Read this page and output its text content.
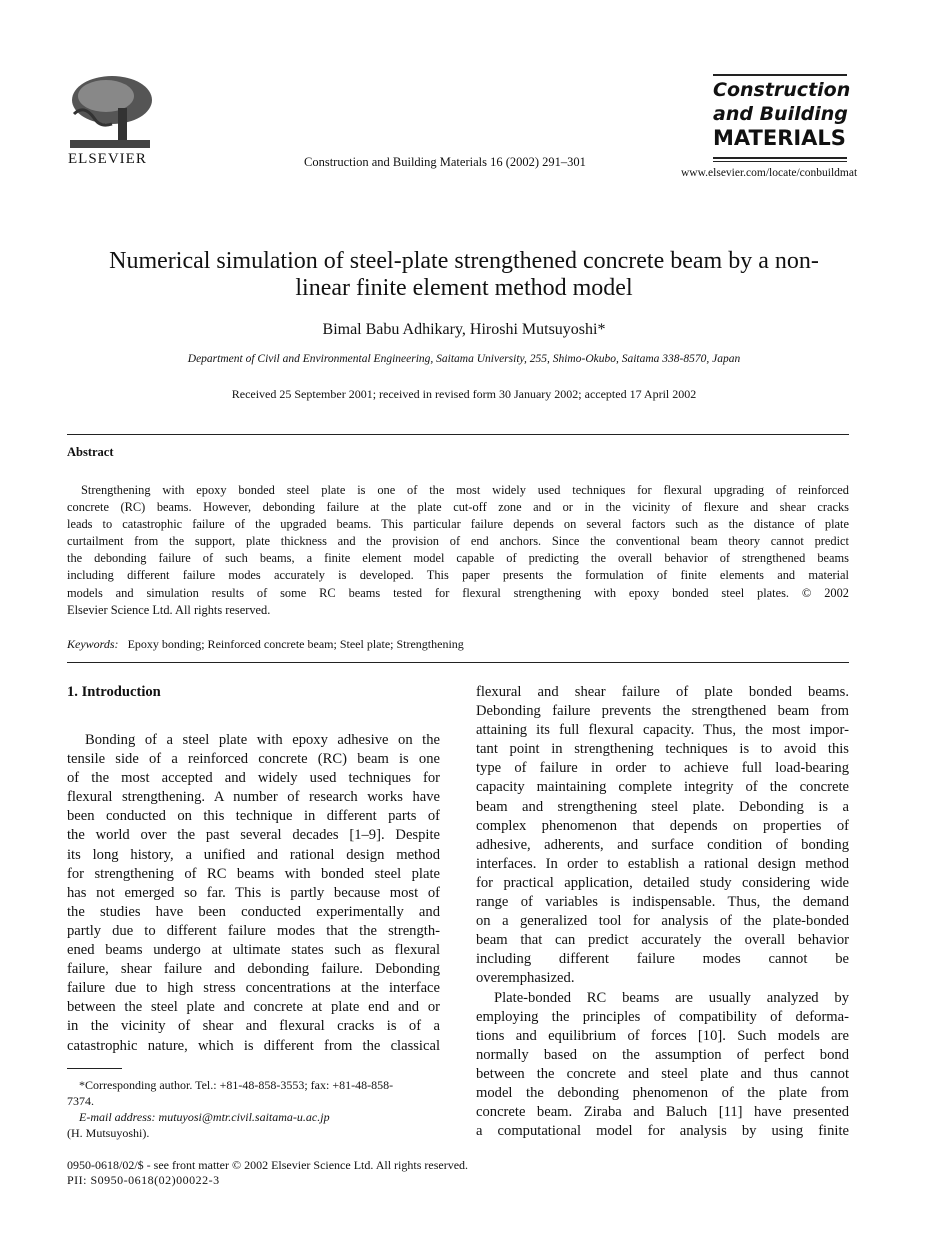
ELSEVIER	Construction and Building Materials 16 (2002) 291–301
Construction
and Building
MATERIALS
www.elsevier.com/locate/conbuildmat
Numerical simulation of steel-plate strengthened concrete beam by a non-
linear finite element method model
Bimal Babu Adhikary, Hiroshi Mutsuyoshi*
Department of Civil and Environmental Engineering, Saitama University, 255, Shimo-Okubo, Saitama 338-8570, Japan
Received 25 September 2001; received in revised form 30 January 2002; accepted 17 April 2002
Abstract
Strengthening with epoxy bonded steel plate is one of the most widely used techniques for flexural upgrading of reinforced
concrete (RC) beams. However, debonding failure at the plate cut-off zone and or in the vicinity of flexure and shear cracks
leads to catastrophic failure of the upgraded beams. This particular failure depends on several factors such as the distance of plate
curtailment from the support, plate thickness and the provision of end anchors. Since the conventional beam theory cannot predict
the debonding failure of such beams, a finite element model capable of predicting the overall behavior of strengthened beams
including different failure modes accurately is developed. This paper presents the formulation of finite elements and material
models and simulation results of some RC beams tested for flexural strengthening with epoxy bonded steel plates. © 2002
Elsevier Science Ltd. All rights reserved.
Keywords: Epoxy bonding; Reinforced concrete beam; Steel plate; Strengthening
1. Introduction
Bonding of a steel plate with epoxy adhesive on the
tensile side of a reinforced concrete (RC) beam is one
of the most accepted and widely used techniques for
flexural strengthening. A number of research works have
been conducted on this technique in different parts of
the world over the past several decades [1–9]. Despite
its long history, a unified and rational design method
for strengthening of RC beams with bonded steel plate
has not emerged so far. This is partly because most of
the studies have been conducted experimentally and
partly due to different failure modes that the strength-
ened beams undergo at ultimate states such as flexural
failure, shear failure and debonding failure. Debonding
failure due to high stress concentrations at the interface
between the steel plate and concrete at plate end and or
in the vicinity of shear and flexural cracks is of a
catastrophic nature, which is different from the classical
*Corresponding author. Tel.: +81-48-858-3553; fax: +81-48-858-
7374.
E-mail address: mutuyosi@mtr.civil.saitama-u.ac.jp
(H. Mutsuyoshi).
flexural and shear failure of plate bonded beams.
Debonding failure prevents the strengthened beam from
attaining its full flexural capacity. Thus, the most impor-
tant point in strengthening techniques is to avoid this
type of failure in order to achieve full load-bearing
capacity maintaining complete integrity of the concrete
beam and strengthening steel plate. Debonding is a
complex phenomenon that depends on properties of
adhesive, adherents, and surface condition of bonding
interfaces. In order to establish a rational design method
for practical application, detailed study considering wide
range of variables is indispensable. Thus, the demand
on a generalized tool for analysis of the plate-bonded
beam that can predict accurately the overall behavior
including different failure modes cannot be
overemphasized.
Plate-bonded RC beams are usually analyzed by
employing the principles of compatibility of deforma-
tions and equilibrium of forces [10]. Such models are
normally based on the assumption of perfect bond
between the concrete and steel plate and thus cannot
model the debonding phenomenon of the plate from
concrete beam. Ziraba and Baluch [11] have presented
a computational model for analysis by using finite
0950-0618/02/$ - see front matter © 2002 Elsevier Science Ltd. All rights reserved.
PII: S0950-0618(02)00022-3
